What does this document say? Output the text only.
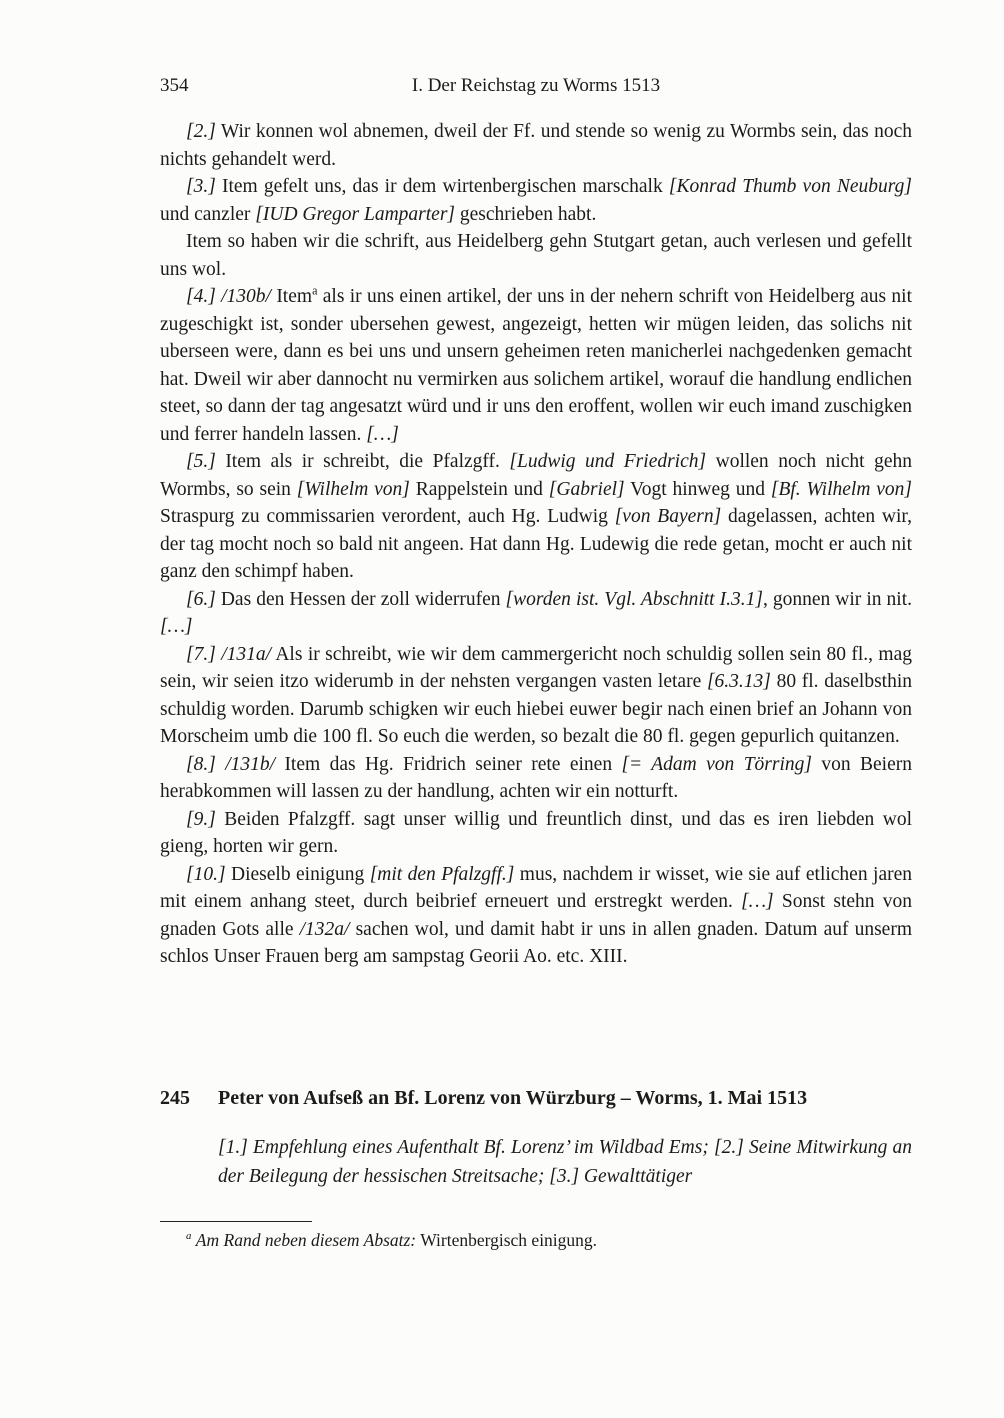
354	I. Der Reichstag zu Worms 1513

[2.] Wir konnen wol abnemen, dweil der Ff. und stende so wenig zu Wormbs sein, das noch nichts gehandelt werd.

[3.] Item gefelt uns, das ir dem wirtenbergischen marschalk [Konrad Thumb von Neuburg] und canzler [IUD Gregor Lamparter] geschrieben habt.

Item so haben wir die schrift, aus Heidelberg gehn Stutgart getan, auch verlesen und gefellt uns wol.

[4.] /130b/ Item$^a$ als ir uns einen artikel, der uns in der nehern schrift von Heidelberg aus nit zugeschigkt ist, sonder ubersehen gewest, angezeigt, hetten wir mügen leiden, das solichs nit uberseen were, dann es bei uns und unsern geheimen reten manicherlei nachgedenken gemacht hat. Dweil wir aber dannocht nu vermirken aus solichem artikel, worauf die handlung endlichen steet, so dann der tag angesatzt würd und ir uns den eroffent, wollen wir euch imand zuschigken und ferrer handeln lassen. […]

[5.] Item als ir schreibt, die Pfalzgff. [Ludwig und Friedrich] wollen noch nicht gehn Wormbs, so sein [Wilhelm von] Rappelstein und [Gabriel] Vogt hinweg und [Bf. Wilhelm von] Straspurg zu commissarien verordent, auch Hg. Ludwig [von Bayern] dagelassen, achten wir, der tag mocht noch so bald nit angeen. Hat dann Hg. Ludewig die rede getan, mocht er auch nit ganz den schimpf haben.

[6.] Das den Hessen der zoll widerrufen [worden ist. Vgl. Abschnitt I.3.1], gonnen wir in nit. […]

[7.] /131a/ Als ir schreibt, wie wir dem cammergericht noch schuldig sollen sein 80 fl., mag sein, wir seien itzo widerumb in der nehsten vergangen vasten letare [6.3.13] 80 fl. daselbsthin schuldig worden. Darumb schigken wir euch hiebei euwer begir nach einen brief an Johann von Morscheim umb die 100 fl. So euch die werden, so bezalt die 80 fl. gegen gepurlich quitanzen.

[8.] /131b/ Item das Hg. Fridrich seiner rete einen [= Adam von Törring] von Beiern herabkommen will lassen zu der handlung, achten wir ein notturft.

[9.] Beiden Pfalzgff. sagt unser willig und freuntlich dinst, und das es iren liebden wol gieng, horten wir gern.

[10.] Dieselb einigung [mit den Pfalzgff.] mus, nachdem ir wisset, wie sie auf etlichen jaren mit einem anhang steet, durch beibrief erneuert und erstregkt werden. […] Sonst stehn von gnaden Gots alle /132a/ sachen wol, und damit habt ir uns in allen gnaden. Datum auf unserm schlos Unser Frauen berg am sampstag Georii Ao. etc. XIII.

245	Peter von Aufseß an Bf. Lorenz von Würzburg – Worms, 1. Mai 1513

[1.] Empfehlung eines Aufenthalt Bf. Lorenz’ im Wildbad Ems; [2.] Seine Mitwirkung an der Beilegung der hessischen Streitsache; [3.] Gewalttätiger

$^a$ Am Rand neben diesem Absatz: Wirtenbergisch einigung.
